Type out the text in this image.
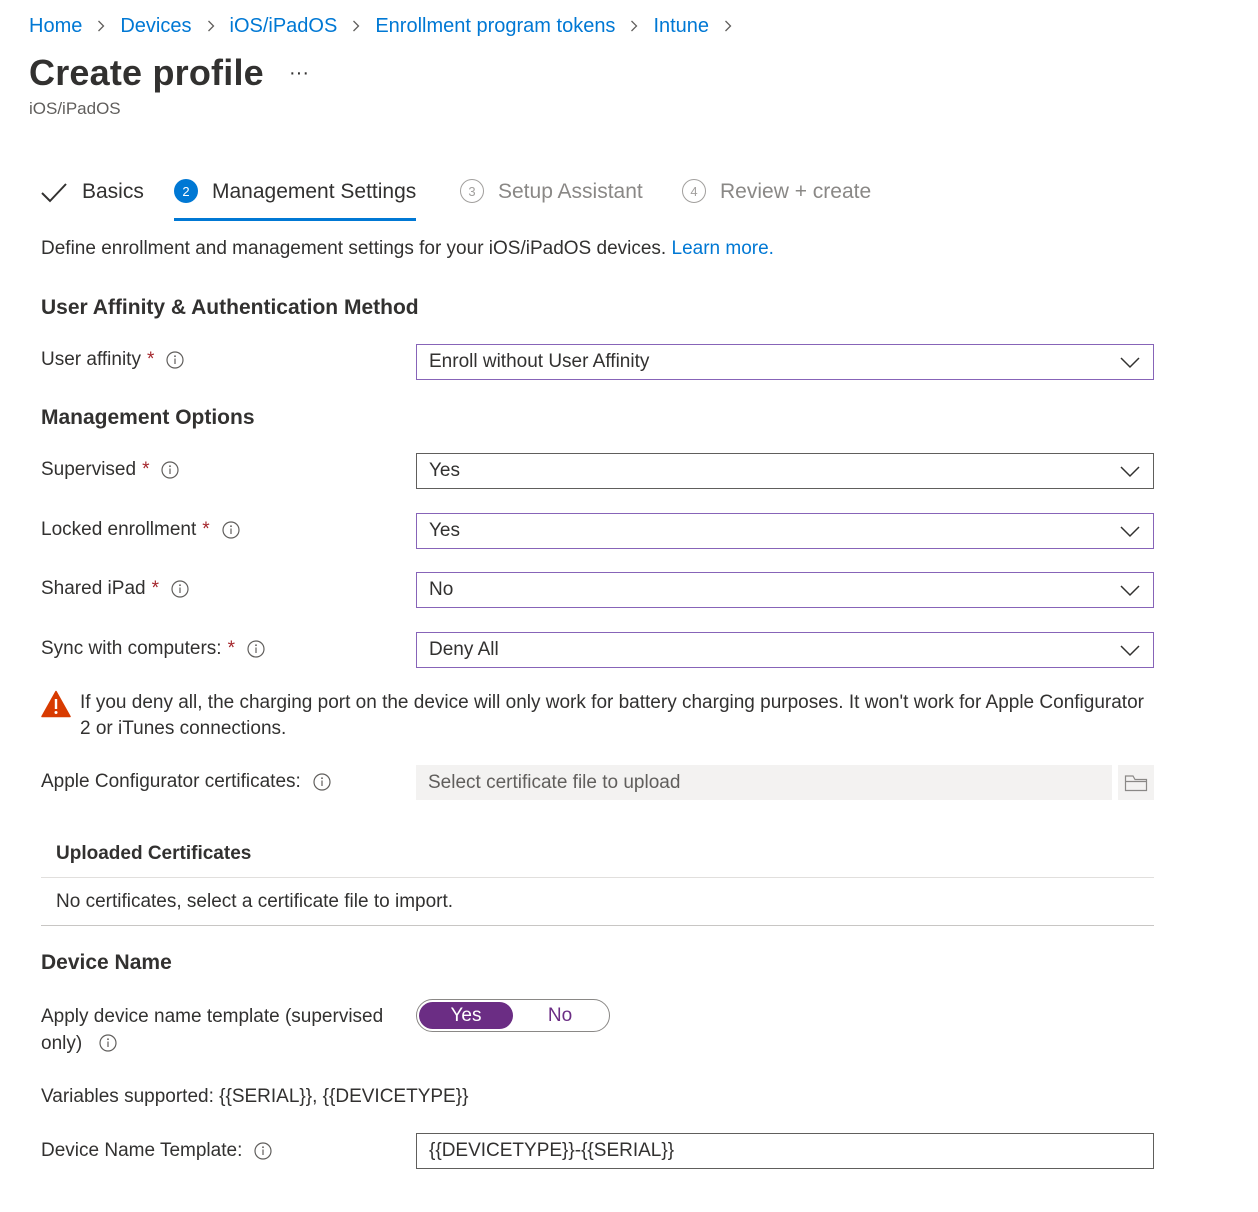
Home Devices iOS/iPadOS Enrollment program tokens Intune
Create profile ···
iOS/iPadOS
Basics	2	Management Settings	3	Setup Assistant	4	Review + create
Define enrollment and management settings for your iOS/iPadOS devices. Learn more.
User Affinity & Authentication Method
User affinity *	Enroll without User Affinity
Management Options
Supervised *	Yes
Locked enrollment *	Yes
Shared iPad *	No
Sync with computers: *	Deny All
If you deny all, the charging port on the device will only work for battery charging purposes. It won't work for Apple Configurator 2 or iTunes connections.
Apple Configurator certificates:	Select certificate file to upload
Uploaded Certificates
No certificates, select a certificate file to import.
Device Name
Apply device name template (supervised only)
Yes	No
Variables supported: {{SERIAL}}, {{DEVICETYPE}}
Device Name Template:	{{DEVICETYPE}}-{{SERIAL}}
